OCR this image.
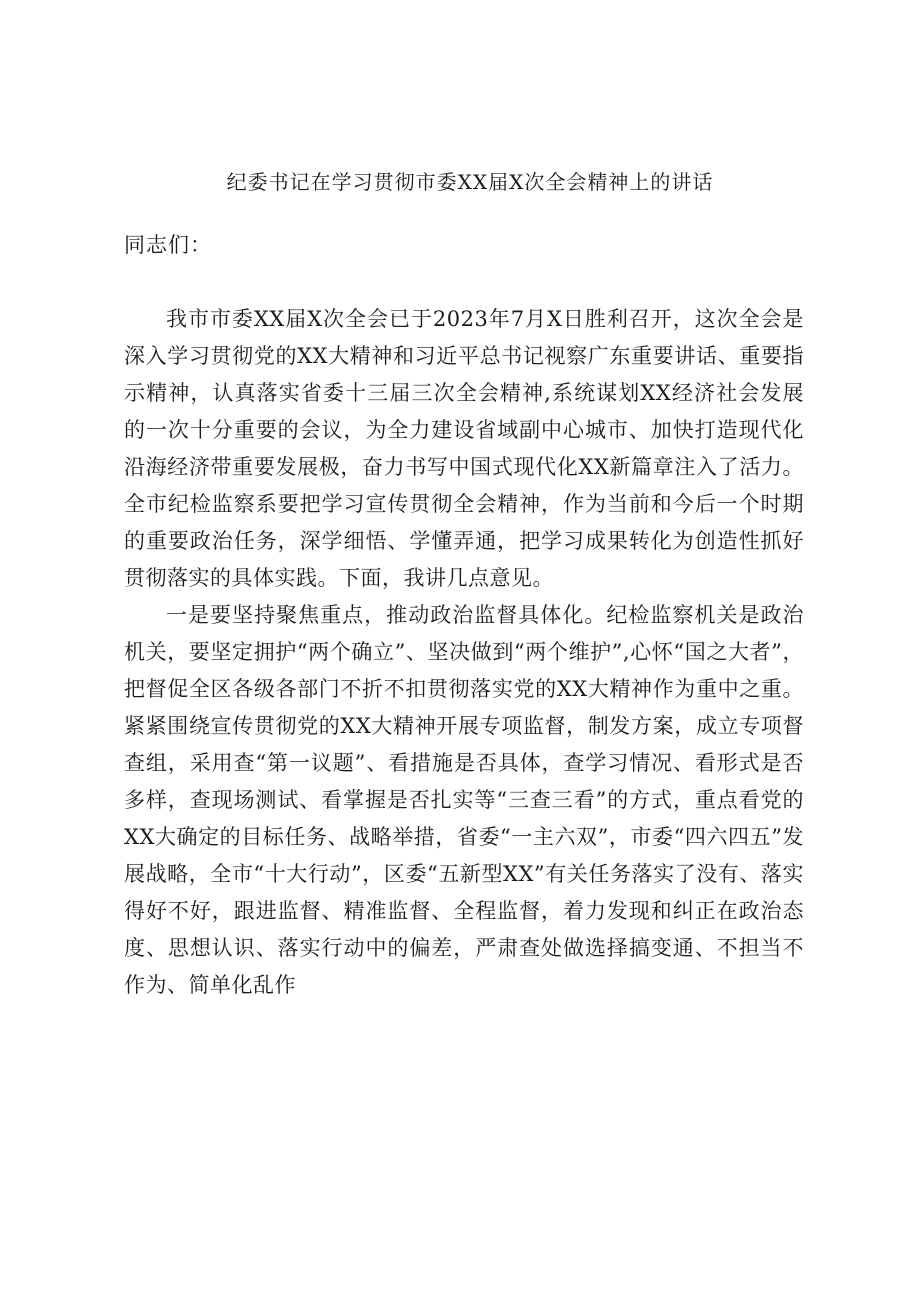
纪委书记在学习贯彻市委XX届X次全会精神上的讲话

同志们：

我市市委XX届X次全会已于2023年7月X日胜利召开，这次全会是深入学习贯彻党的XX大精神和习近平总书记视察广东重要讲话、重要指示精神，认真落实省委十三届三次全会精神,系统谋划XX经济社会发展的一次十分重要的会议，为全力建设省域副中心城市、加快打造现代化沿海经济带重要发展极，奋力书写中国式现代化XX新篇章注入了活力。全市纪检监察系要把学习宣传贯彻全会精神，作为当前和今后一个时期的重要政治任务，深学细悟、学懂弄通，把学习成果转化为创造性抓好贯彻落实的具体实践。下面，我讲几点意见。

一是要坚持聚焦重点，推动政治监督具体化。纪检监察机关是政治机关，要坚定拥护“两个确立”、坚决做到“两个维护”,心怀“国之大者”，把督促全区各级各部门不折不扣贯彻落实党的XX大精神作为重中之重。紧紧围绕宣传贯彻党的XX大精神开展专项监督，制发方案，成立专项督查组，采用查“第一议题”、看措施是否具体，查学习情况、看形式是否多样，查现场测试、看掌握是否扎实等“三查三看”的方式，重点看党的XX大确定的目标任务、战略举措，省委“一主六双”，市委“四六四五”发展战略，全市“十大行动”，区委“五新型XX”有关任务落实了没有、落实得好不好，跟进监督、精准监督、全程监督，着力发现和纠正在政治态度、思想认识、落实行动中的偏差，严肃查处做选择搞变通、不担当不作为、简单化乱作
